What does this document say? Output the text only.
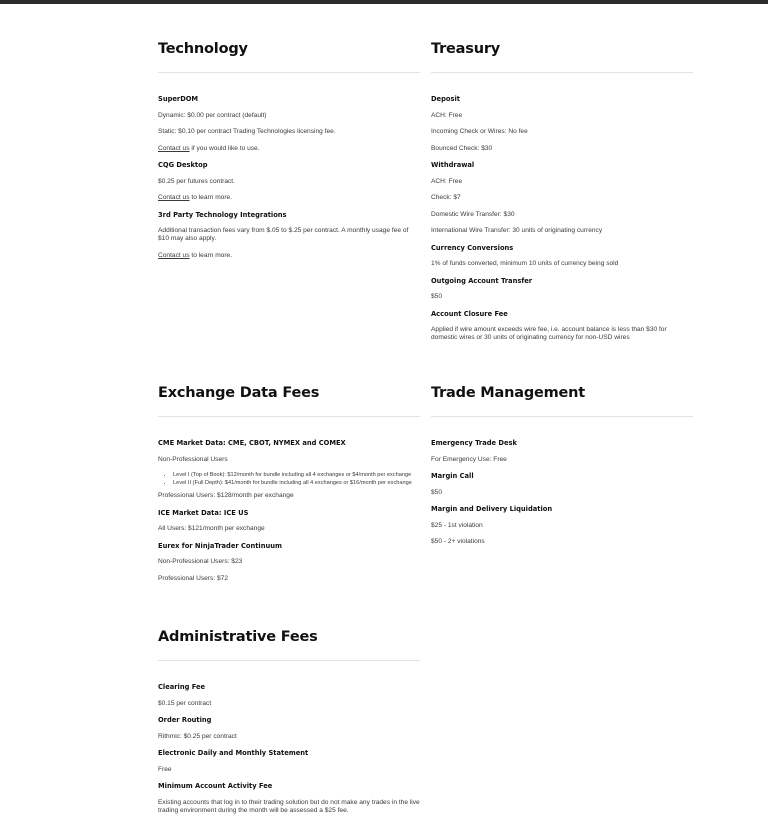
Technology

SuperDOM

Dynamic: $0.00 per contract (default)

Static: $0.10 per contract Trading Technologies licensing fee.

Contact us if you would like to use.

CQG Desktop

$0.25 per futures contract.

Contact us to learn more.

3rd Party Technology Integrations

Additional transaction fees vary from $.05 to $.25 per contract. A monthly usage fee of $10 may also apply.

Contact us to learn more.

Treasury

Deposit

ACH: Free

Incoming Check or Wires: No fee

Bounced Check: $30

Withdrawal

ACH: Free

Check: $7

Domestic Wire Transfer: $30

International Wire Transfer: 30 units of originating currency

Currency Conversions

1% of funds converted, minimum 10 units of currency being sold

Outgoing Account Transfer

$50

Account Closure Fee

Applied if wire amount exceeds wire fee, i.e. account balance is less than $30 for domestic wires or 30 units of originating currency for non-USD wires

Exchange Data Fees

CME Market Data: CME, CBOT, NYMEX and COMEX

Non-Professional Users

• Level I (Top of Book): $12/month for bundle including all 4 exchanges or $4/month per exchange
• Level II (Full Depth): $41/month for bundle including all 4 exchanges or $16/month per exchange

Professional Users: $128/month per exchange

ICE Market Data: ICE US

All Users: $121/month per exchange

Eurex for NinjaTrader Continuum

Non-Professional Users: $23

Professional Users: $72

Trade Management

Emergency Trade Desk

For Emergency Use: Free

Margin Call

$50

Margin and Delivery Liquidation

$25 - 1st violation

$50 - 2+ violations

Administrative Fees

Clearing Fee

$0.15 per contract

Order Routing

Rithmic: $0.25 per contract

Electronic Daily and Monthly Statement

Free

Minimum Account Activity Fee

Existing accounts that log in to their trading solution but do not make any trades in the live trading environment during the month will be assessed a $25 fee.
